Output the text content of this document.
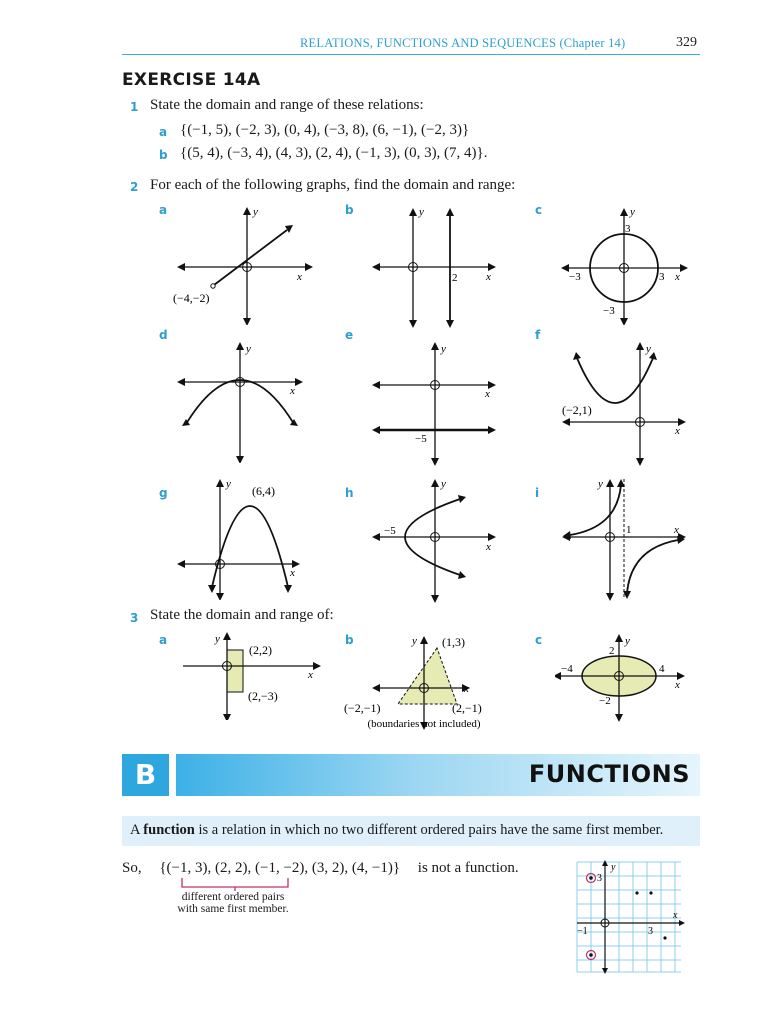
RELATIONS, FUNCTIONS AND SEQUENCES (Chapter 14)	329
EXERCISE 14A
1 State the domain and range of these relations:
a {(−1, 5), (−2, 3), (0, 4), (−3, 8), (6, −1), (−2, 3)}
b {(5, 4), (−3, 4), (4, 3), (2, 4), (−1, 3), (0, 3), (7, 4)}.
2 For each of the following graphs, find the domain and range:
a	b	c
d	e	f
g	h	i
y
x
(−4,−2)
y
x
2
y
x
3
−3
−3	3
y
x
y
x
−5
y
x
(−2,1)
y
x
(6,4)	y
x
−5
y
x
1
3 State the domain and range of:
a	b	c
y
x
(2,2)
(2,−3)
y
x
(1,3)
(−2,−1)	(2,−1)
(boundaries not included)
y
x
2
−2
−4	4
B	FUNCTIONS
A function is a relation in which no two different ordered pairs have the same first member.
So, {(−1, 3), (2, 2), (−1, −2), (3, 2), (4, −1)} is not a function.
different ordered pairs
with same first member.
y
x
3
−1	3
